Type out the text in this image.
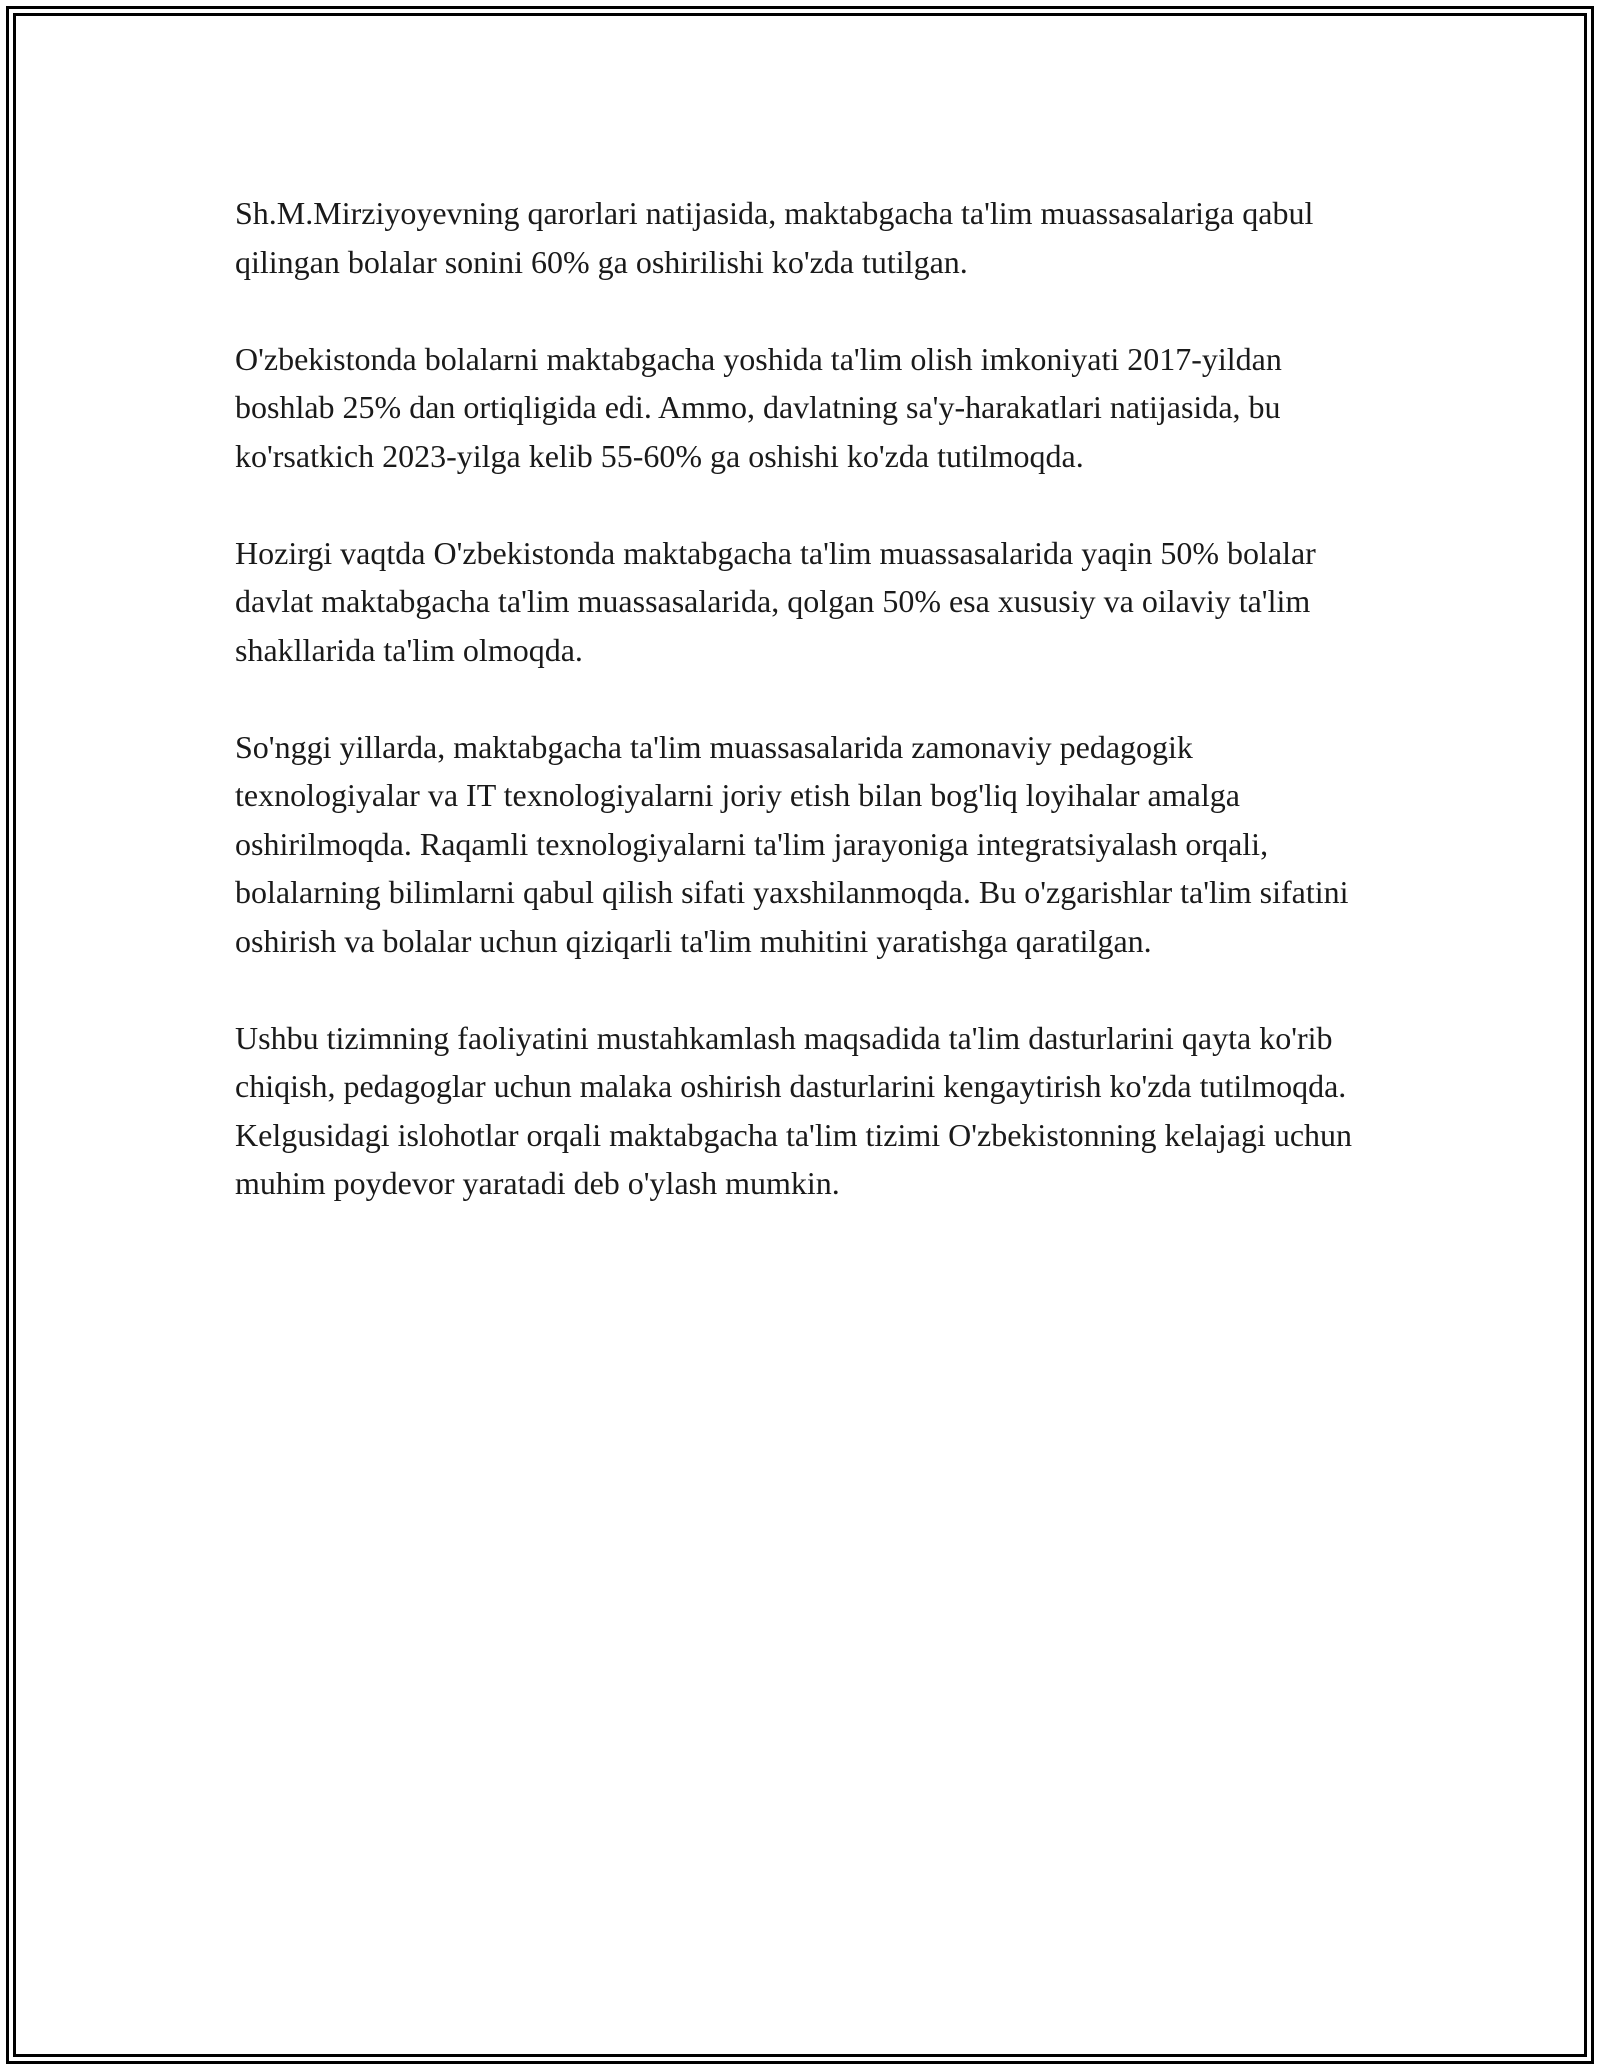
Sh.M.Mirziyoyevning qarorlari natijasida, maktabgacha ta'lim muassasalariga qabul qilingan bolalar sonini 60% ga oshirilishi ko'zda tutilgan.

O'zbekistonda bolalarni maktabgacha yoshida ta'lim olish imkoniyati 2017-yildan boshlab 25% dan ortiqligida edi. Ammo, davlatning sa'y-harakatlari natijasida, bu ko'rsatkich 2023-yilga kelib 55-60% ga oshishi ko'zda tutilmoqda.

Hozirgi vaqtda O'zbekistonda maktabgacha ta'lim muassasalarida yaqin 50% bolalar davlat maktabgacha ta'lim muassasalarida, qolgan 50% esa xususiy va oilaviy ta'lim shakllarida ta'lim olmoqda.

So'nggi yillarda, maktabgacha ta'lim muassasalarida zamonaviy pedagogik texnologiyalar va IT texnologiyalarni joriy etish bilan bog'liq loyihalar amalga oshirilmoqda. Raqamli texnologiyalarni ta'lim jarayoniga integratsiyalash orqali, bolalarning bilimlarni qabul qilish sifati yaxshilanmoqda. Bu o'zgarishlar ta'lim sifatini oshirish va bolalar uchun qiziqarli ta'lim muhitini yaratishga qaratilgan.

Ushbu tizimning faoliyatini mustahkamlash maqsadida ta'lim dasturlarini qayta ko'rib chiqish, pedagoglar uchun malaka oshirish dasturlarini kengaytirish ko'zda tutilmoqda. Kelgusidagi islohotlar orqali maktabgacha ta'lim tizimi O'zbekistonning kelajagi uchun muhim poydevor yaratadi deb o'ylash mumkin.
